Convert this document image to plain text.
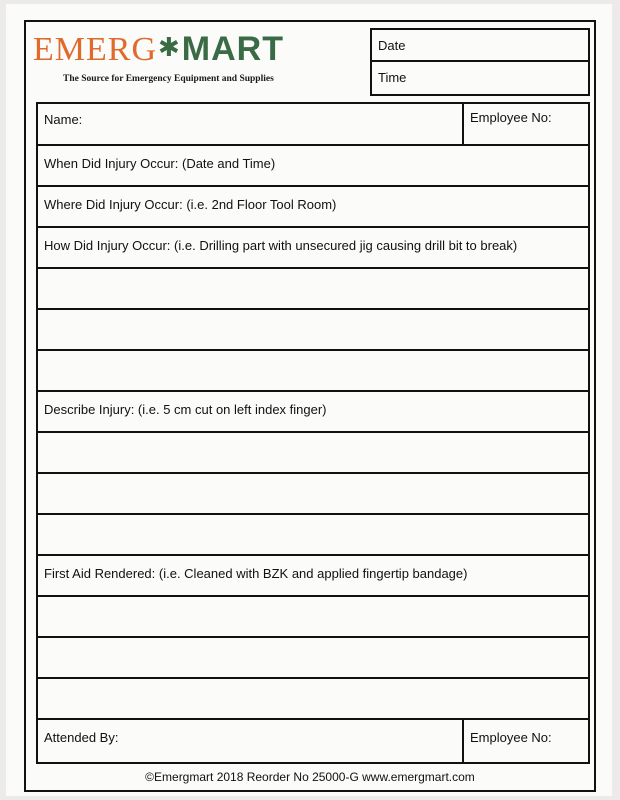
EMERG✱MART
The Source for Emergency Equipment and Supplies
Date
Time
Name:	Employee No:
When Did Injury Occur: (Date and Time)
Where Did Injury Occur: (i.e. 2nd Floor Tool Room)
How Did Injury Occur: (i.e. Drilling part with unsecured jig causing drill bit to break)
Describe Injury: (i.e. 5 cm cut on left index finger)
First Aid Rendered: (i.e. Cleaned with BZK and applied fingertip bandage)
Attended By:	Employee No:
©Emergmart 2018 Reorder No 25000-G www.emergmart.com
